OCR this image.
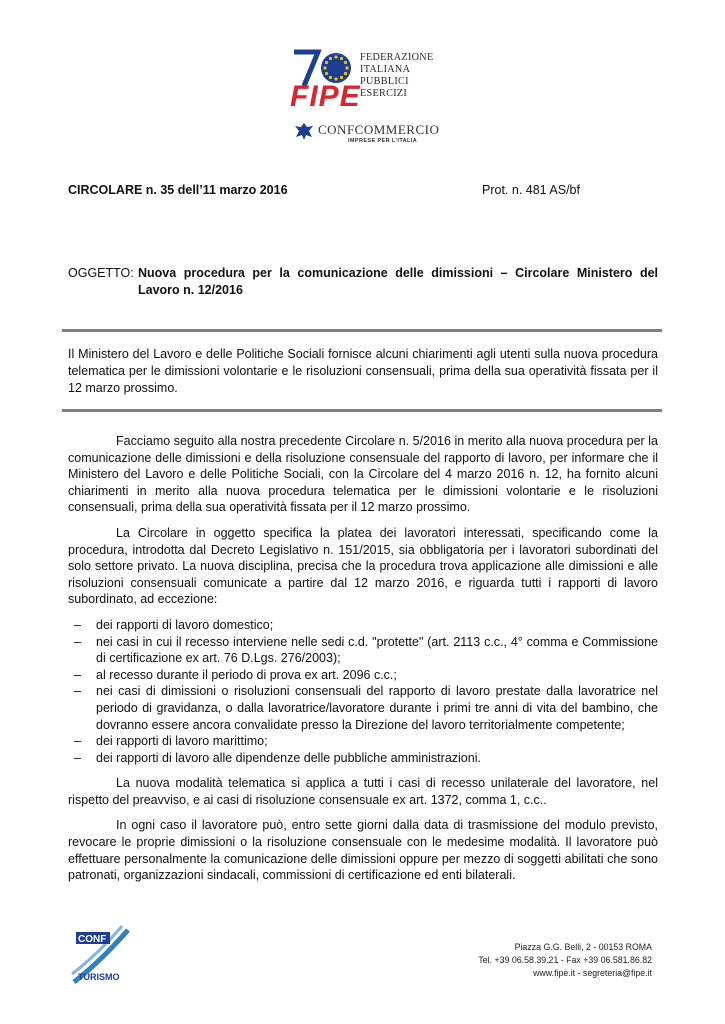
FIPE
FEDERAZIONE
ITALIANA
PUBBLICI
ESERCIZI
CONFCOMMERCIO
IMPRESE PER L'ITALIA
CIRCOLARE n. 35 dell’11 marzo 2016	Prot. n. 481 AS/bf
OGGETTO: Nuova procedura per la comunicazione delle dimissioni – Circolare Ministero del Lavoro n. 12/2016
Il Ministero del Lavoro e delle Politiche Sociali fornisce alcuni chiarimenti agli utenti sulla nuova procedura telematica per le dimissioni volontarie e le risoluzioni consensuali, prima della sua operatività fissata per il 12 marzo prossimo.

Facciamo seguito alla nostra precedente Circolare n. 5/2016 in merito alla nuova procedura per la comunicazione delle dimissioni e della risoluzione consensuale del rapporto di lavoro, per informare che il Ministero del Lavoro e delle Politiche Sociali, con la Circolare del 4 marzo 2016 n. 12, ha fornito alcuni chiarimenti in merito alla nuova procedura telematica per le dimissioni volontarie e le risoluzioni consensuali, prima della sua operatività fissata per il 12 marzo prossimo.

La Circolare in oggetto specifica la platea dei lavoratori interessati, specificando come la procedura, introdotta dal Decreto Legislativo n. 151/2015, sia obbligatoria per i lavoratori subordinati del solo settore privato. La nuova disciplina, precisa che la procedura trova applicazione alle dimissioni e alle risoluzioni consensuali comunicate a partire dal 12 marzo 2016, e riguarda tutti i rapporti di lavoro subordinato, ad eccezione:

– dei rapporti di lavoro domestico;
– nei casi in cui il recesso interviene nelle sedi c.d. "protette" (art. 2113 c.c., 4° comma e Commissione di certificazione ex art. 76 D.Lgs. 276/2003);
– al recesso durante il periodo di prova ex art. 2096 c.c.;
– nei casi di dimissioni o risoluzioni consensuali del rapporto di lavoro prestate dalla lavoratrice nel periodo di gravidanza, o dalla lavoratrice/lavoratore durante i primi tre anni di vita del bambino, che dovranno essere ancora convalidate presso la Direzione del lavoro territorialmente competente;
– dei rapporti di lavoro marittimo;
– dei rapporti di lavoro alle dipendenze delle pubbliche amministrazioni.

La nuova modalità telematica si applica a tutti i casi di recesso unilaterale del lavoratore, nel rispetto del preavviso, e ai casi di risoluzione consensuale ex art. 1372, comma 1, c.c..

In ogni caso il lavoratore può, entro sette giorni dalla data di trasmissione del modulo previsto, revocare le proprie dimissioni o la risoluzione consensuale con le medesime modalità. Il lavoratore può effettuare personalmente la comunicazione delle dimissioni oppure per mezzo di soggetti abilitati che sono patronati, organizzazioni sindacali, commissioni di certificazione ed enti bilaterali.

CONF
TURISMO
Piazza G.G. Belli, 2 - 00153 ROMA
Tel. +39 06.58.39.21 - Fax +39 06.581.86.82
www.fipe.it - segreteria@fipe.it
